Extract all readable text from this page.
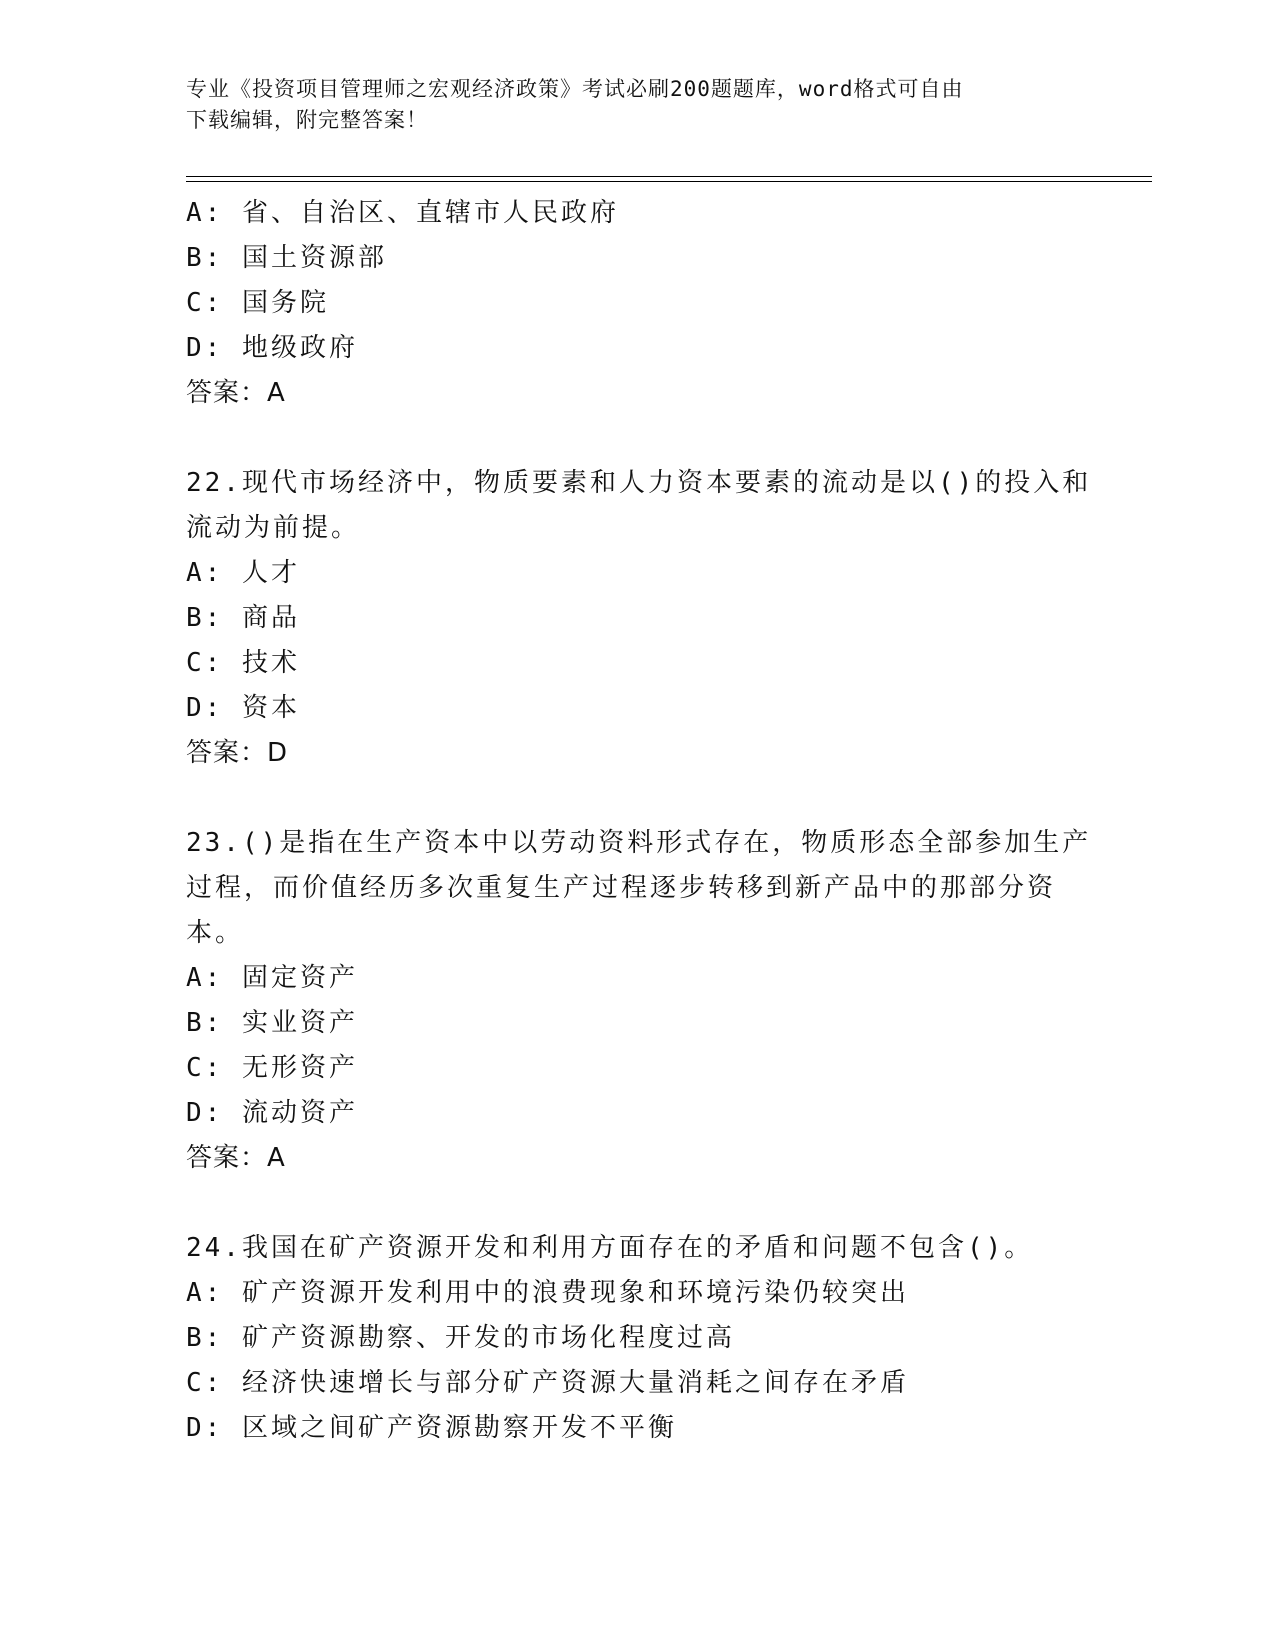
专业《投资项目管理师之宏观经济政策》考试必刷200题题库，word格式可自由
下载编辑，附完整答案！
A: 省、自治区、直辖市人民政府
B: 国土资源部
C: 国务院
D: 地级政府
答案：A
22.现代市场经济中，物质要素和人力资本要素的流动是以()的投入和
流动为前提。
A: 人才
B: 商品
C: 技术
D: 资本
答案：D
23.()是指在生产资本中以劳动资料形式存在，物质形态全部参加生产
过程，而价值经历多次重复生产过程逐步转移到新产品中的那部分资
本。
A: 固定资产
B: 实业资产
C: 无形资产
D: 流动资产
答案：A
24.我国在矿产资源开发和利用方面存在的矛盾和问题不包含()。
A: 矿产资源开发利用中的浪费现象和环境污染仍较突出
B: 矿产资源勘察、开发的市场化程度过高
C: 经济快速增长与部分矿产资源大量消耗之间存在矛盾
D: 区域之间矿产资源勘察开发不平衡
